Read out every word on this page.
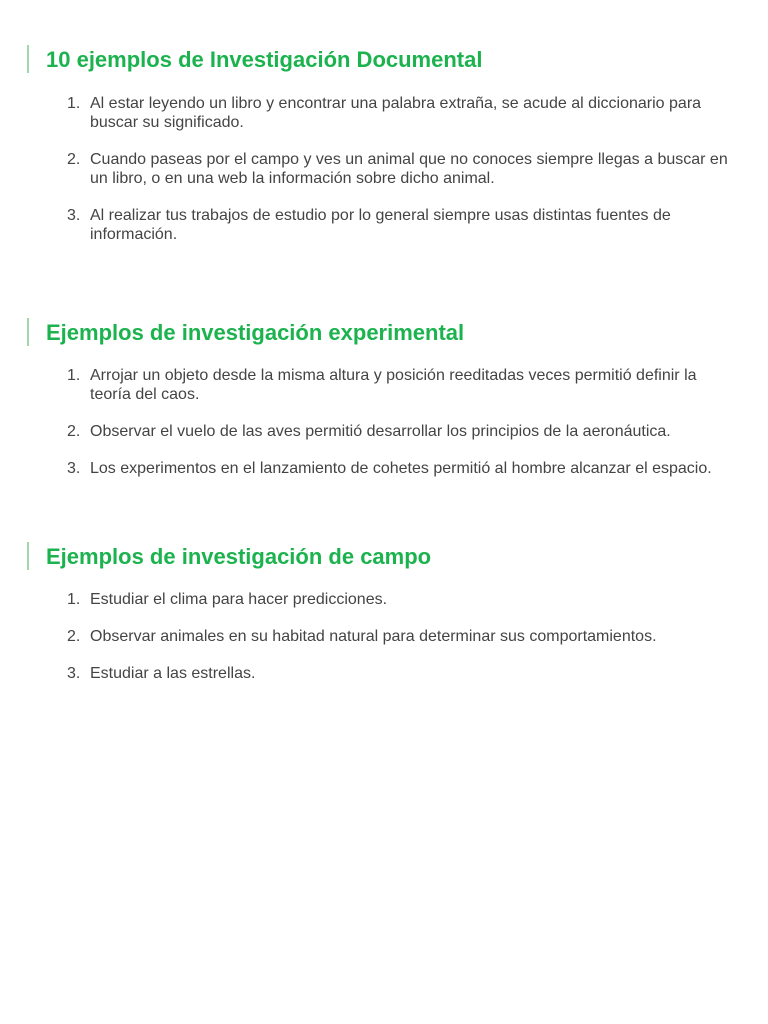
10 ejemplos de Investigación Documental
1. Al estar leyendo un libro y encontrar una palabra extraña, se acude al diccionario para buscar su significado.
2. Cuando paseas por el campo y ves un animal que no conoces siempre llegas a buscar en un libro, o en una web la información sobre dicho animal.
3. Al realizar tus trabajos de estudio por lo general siempre usas distintas fuentes de información.
Ejemplos de investigación experimental
1. Arrojar un objeto desde la misma altura y posición reeditadas veces permitió definir la teoría del caos.
2. Observar el vuelo de las aves permitió desarrollar los principios de la aeronáutica.
3. Los experimentos en el lanzamiento de cohetes permitió al hombre alcanzar el espacio.
Ejemplos de investigación de campo
1. Estudiar el clima para hacer predicciones.
2. Observar animales en su habitad natural para determinar sus comportamientos.
3. Estudiar a las estrellas.
